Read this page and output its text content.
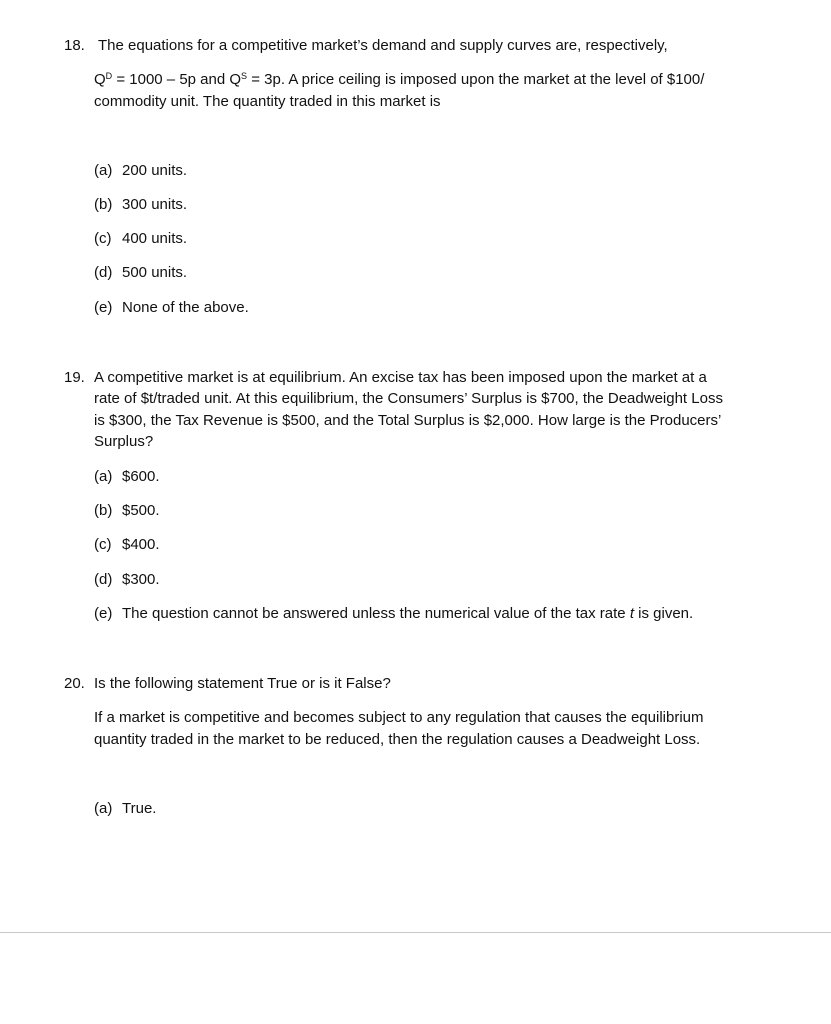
18. The equations for a competitive market’s demand and supply curves are, respectively,
$Q^D = 1000 - 5p$ and $Q^S = 3p$. A price ceiling is imposed upon the market at the level of $100/
commodity unit. The quantity traded in this market is
(a) 200 units.
(b) 300 units.
(c) 400 units.
(d) 500 units.
(e) None of the above.
19. A competitive market is at equilibrium. An excise tax has been imposed upon the market at a
rate of $t/traded unit. At this equilibrium, the Consumers’ Surplus is $700, the Deadweight Loss
is $300, the Tax Revenue is $500, and the Total Surplus is $2,000. How large is the Producers’
Surplus?
(a) $600.
(b) $500.
(c) $400.
(d) $300.
(e) The question cannot be answered unless the numerical value of the tax rate t is given.
20. Is the following statement True or is it False?
If a market is competitive and becomes subject to any regulation that causes the equilibrium
quantity traded in the market to be reduced, then the regulation causes a Deadweight Loss.
(a) True.
